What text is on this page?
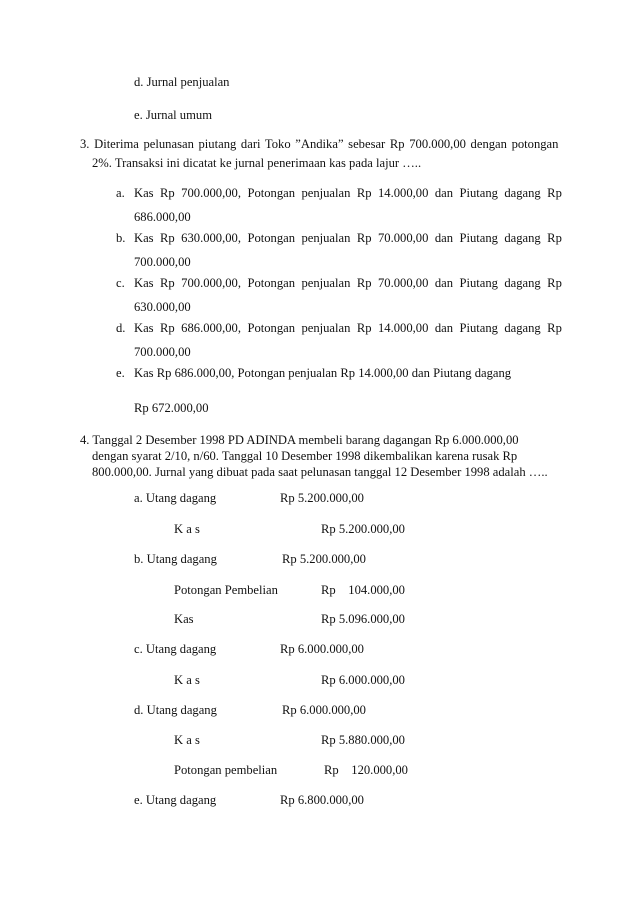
d. Jurnal penjualan
e. Jurnal umum
3. Diterima pelunasan piutang dari Toko ”Andika” sebesar Rp 700.000,00 dengan potongan
2%. Transaksi ini dicatat ke jurnal penerimaan kas pada lajur …..
a. Kas Rp 700.000,00, Potongan penjualan Rp 14.000,00 dan Piutang dagang Rp
686.000,00
b. Kas Rp 630.000,00, Potongan penjualan Rp 70.000,00 dan Piutang dagang Rp
700.000,00
c. Kas Rp 700.000,00, Potongan penjualan Rp 70.000,00 dan Piutang dagang Rp
630.000,00
d. Kas Rp 686.000,00, Potongan penjualan Rp 14.000,00 dan Piutang dagang Rp
700.000,00
e. Kas Rp 686.000,00, Potongan penjualan Rp 14.000,00 dan Piutang dagang
Rp 672.000,00
4. Tanggal 2 Desember 1998 PD ADINDA membeli barang dagangan Rp 6.000.000,00
dengan syarat 2/10, n/60. Tanggal 10 Desember 1998 dikembalikan karena rusak Rp
800.000,00. Jurnal yang dibuat pada saat pelunasan tanggal 12 Desember 1998 adalah …..
a. Utang dagang	Rp 5.200.000,00
K a s	Rp 5.200.000,00
b. Utang dagang	Rp 5.200.000,00
Potongan Pembelian	Rp    104.000,00
Kas	Rp 5.096.000,00
c. Utang dagang	Rp 6.000.000,00
K a s	Rp 6.000.000,00
d. Utang dagang	Rp 6.000.000,00
K a s	Rp 5.880.000,00
Potongan pembelian	Rp    120.000,00
e. Utang dagang	Rp 6.800.000,00
